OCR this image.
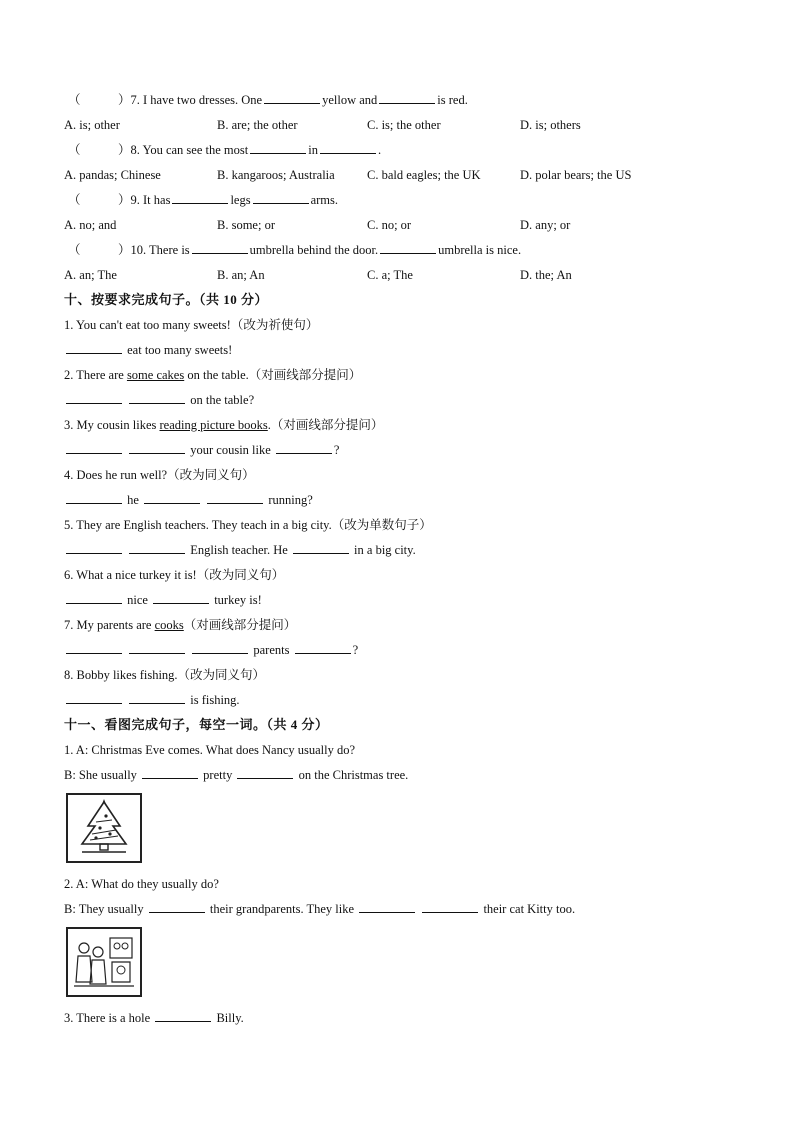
（	）7. I have two dresses. One	yellow and	is red.
A. is; other	B. are; the other	C. is; the other	D. is; others
（	）8. You can see the most	in	.
A. pandas; Chinese	B. kangaroos; Australia	C. bald eagles; the UK	D. polar bears; the US
（	）9. It has	legs	arms.
A. no; and	B. some; or	C. no; or	D. any; or
（	）10. There is	umbrella behind the door.	umbrella is nice.
A. an; The	B. an; An	C. a; The	D. the; An
十、按要求完成句子。（共 10 分）
1. You can't eat too many sweets!（改为祈使句）
eat too many sweets!
2. There are some cakes on the table.（对画线部分提问）
on the table?
3. My cousin likes reading picture books.（对画线部分提问）
your cousin like	?
4. Does he run well?（改为同义句）
he	running?
5. They are English teachers. They teach in a big city.（改为单数句子）
English teacher. He	in a big city.
6. What a nice turkey it is!（改为同义句）
nice	turkey is!
7. My parents are cooks（对画线部分提问）
parents	?
8. Bobby likes fishing.（改为同义句）
is fishing.
十一、看图完成句子，每空一词。（共 4 分）
1. A: Christmas Eve comes. What does Nancy usually do?
B: She usually	pretty	on the Christmas tree.
2. A: What do they usually do?
B: They usually	their grandparents. They like	their cat Kitty too.
3. There is a hole	Billy.
